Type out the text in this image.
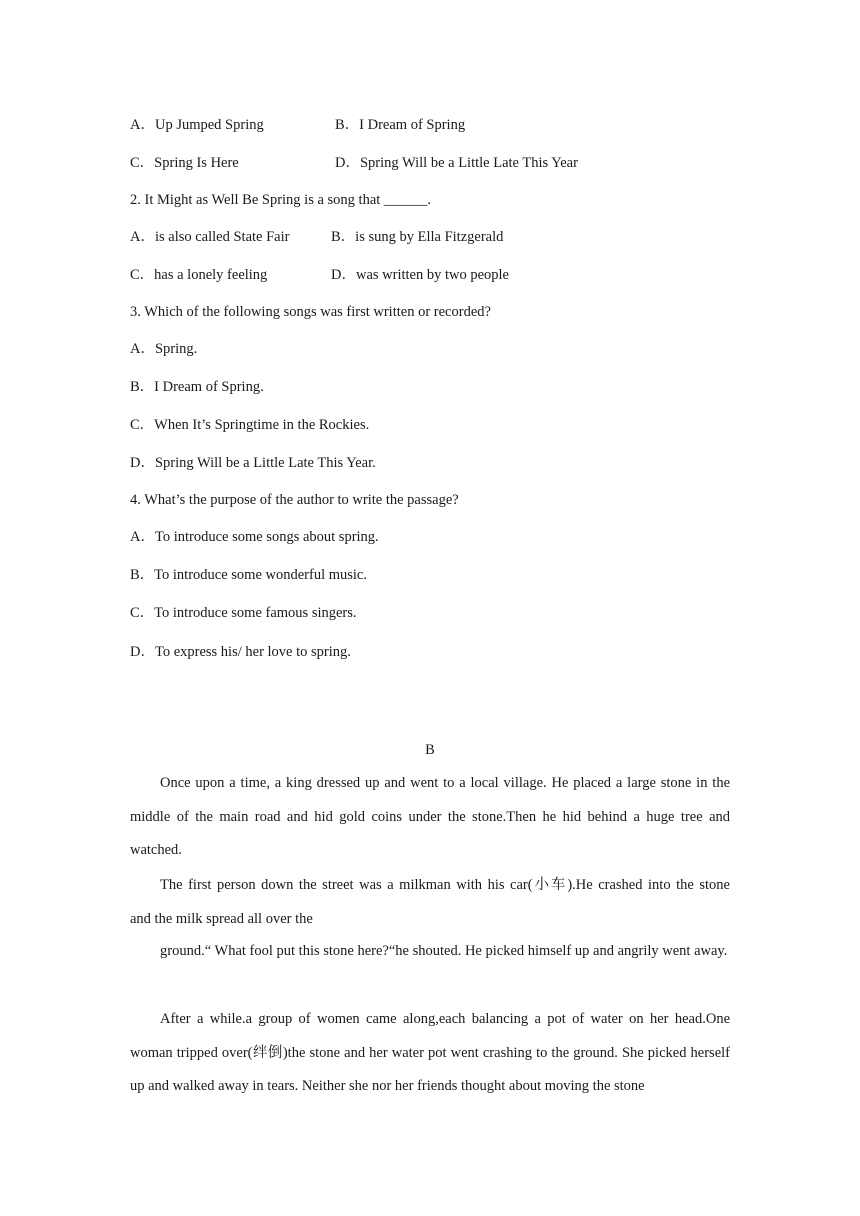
A．Up Jumped Spring	B．I Dream of Spring
C．Spring Is Here	D．Spring Will be a Little Late This Year
2. It Might as Well Be Spring is a song that ______.
A．is also called State Fair	B．is sung by Ella Fitzgerald
C．has a lonely feeling	D．was written by two people
3. Which of the following songs was first written or recorded?
A．Spring.
B．I Dream of Spring.
C．When It’s Springtime in the Rockies.
D．Spring Will be a Little Late This Year.
4. What’s the purpose of the author to write the passage?
A．To introduce some songs about spring.
B．To introduce some wonderful music.
C．To introduce some famous singers.
D．To express his/ her love to spring.
B
Once upon a time, a king dressed up and went to a local village. He placed a large stone in the middle of the main road and hid gold coins under the stone.Then he hid behind a huge tree and watched.
The first person down the street was a milkman with his car(小车).He crashed into the stone
and the milk spread all over the
ground.“ What fool put this stone here?“he shouted. He picked himself up and angrily went away.
After a while.a group of women came along,each balancing a pot of water on her head.One woman tripped over(绊倒)the stone and her water pot went crashing to the ground. She picked herself up and walked away in tears. Neither she nor her friends thought about moving the stone
